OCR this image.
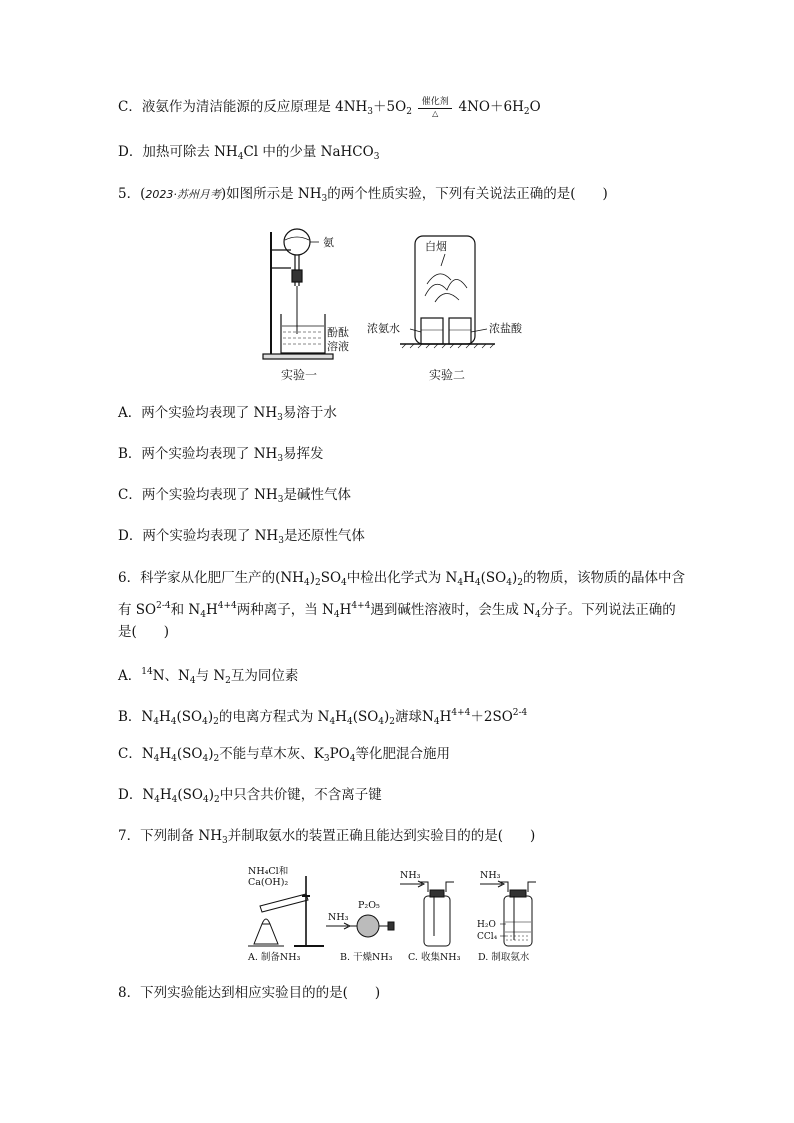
C．液氨作为清洁能源的反应原理是 $4NH_3+5O_2$
催化剂
△	$4NO+6H_2O$
D．加热可除去 $NH_4Cl$ 中的少量 NaHCO$_3$
5．(2023·苏州月考)如图所示是 $NH_3$的两个性质实验，下列有关说法正确的是(　　)
氨
酚酞
溶液
实验一
白烟
浓氨水	浓盐酸
实验二
A．两个实验均表现了 $NH_3$易溶于水
B．两个实验均表现了 $NH_3$易挥发
C．两个实验均表现了 $NH_3$是碱性气体
D．两个实验均表现了 $NH_3$是还原性气体
6．科学家从化肥厂生产的$(NH_4)_2SO_4$中检出化学式为 $N_4H_4(SO_4)_2$的物质，该物质的晶体中含
有 SO$^{2-4}$和 $N_4H^{4+4}$两种离子，当 $N_4H^{4+4}$遇到碱性溶液时，会生成 $N_4$分子。下列说法正确的
是(　　)
A．$^{14}$N、$N_4$与 $N_2$互为同位素
B．$N_4H_4(SO_4)_2$的电离方程式为 $N_4H_4(SO_4)_2$溏球$N_4H^{4+4}+2SO^{2-4}$
C．$N_4H_4(SO_4)_2$不能与草木灰、$K_3PO_4$等化肥混合施用
D．$N_4H_4(SO_4)_2$中只含共价键，不含离子键
7．下列制备 $NH_3$并制取氨水的装置正确且能达到实验目的的是(　　)
NH₄Cl和
Ca(OH)₂
A. 制备NH₃
NH₃
P₂O₅
B. 干燥NH₃
NH₃
C. 收集NH₃
NH₃
H₂O
CCl₄
D. 制取氨水
8．下列实验能达到相应实验目的的是(　　)
